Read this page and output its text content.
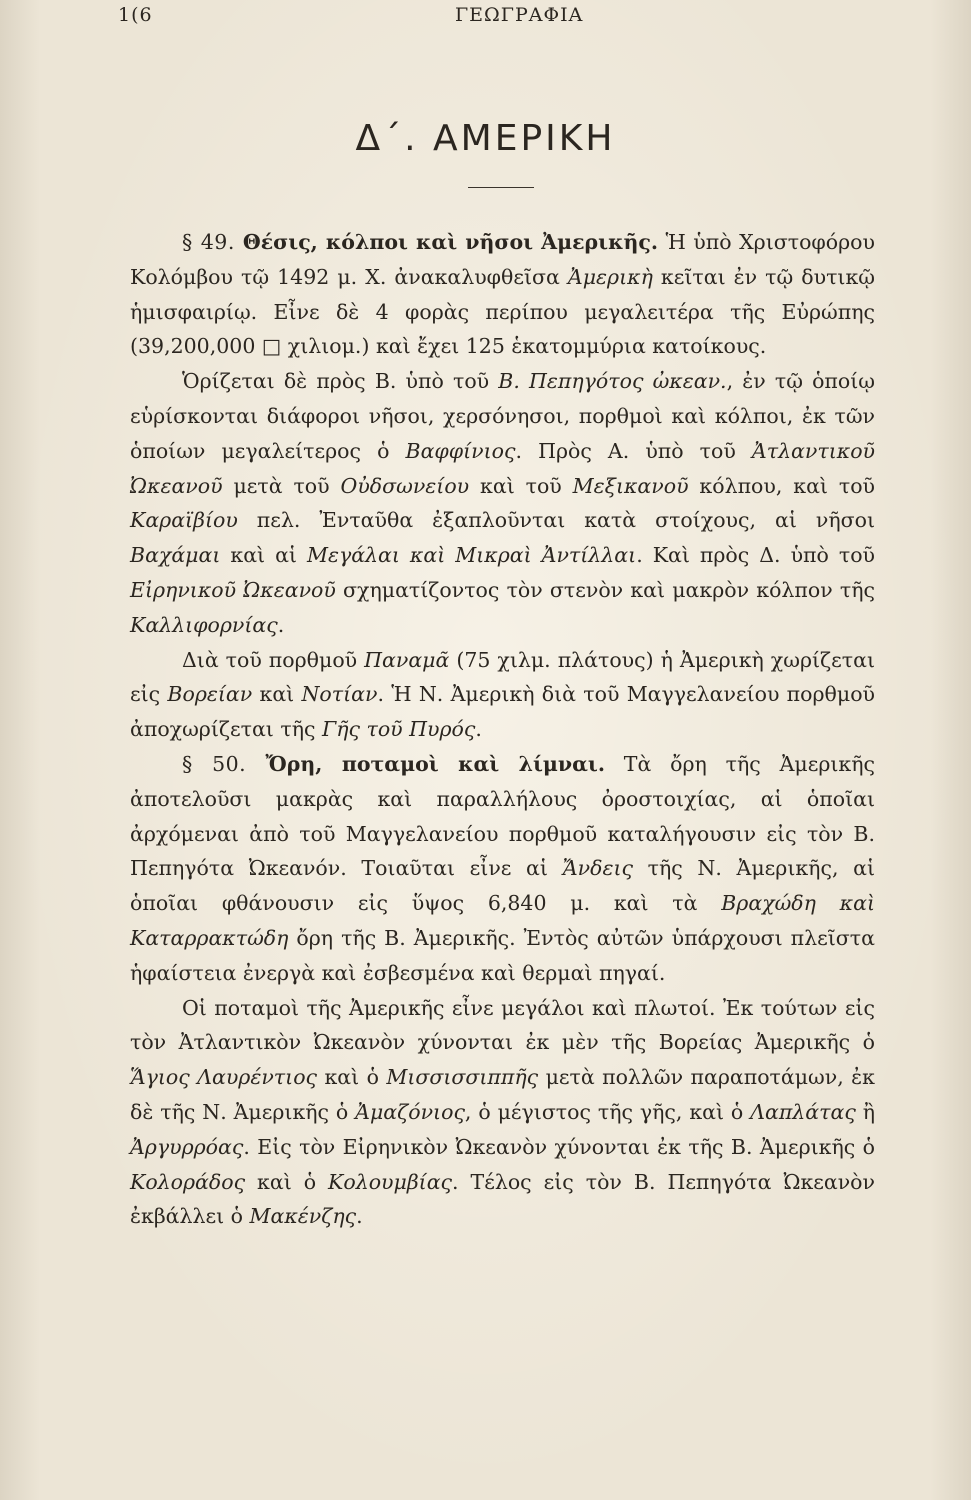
1(6	ΓΕΩΓΡΑΦΙΑ
Δ΄. ΑΜΕΡΙΚΗ

§ 49. Θέσις, κόλποι καὶ νῆσοι Ἀμερικῆς. Ἡ ὑπὸ Χριστοφόρου Κολόμβου τῷ 1492 μ. Χ. ἀνακαλυφθεῖσα Ἀμερικὴ κεῖται ἐν τῷ δυτικῷ ἡμισφαιρίῳ. Εἶνε δὲ 4 φορὰς περίπου μεγαλειτέρα τῆς Εὐρώπης (39,200,000 □ χιλιομ.) καὶ ἔχει 125 ἑκατομμύρια κατοίκους.

Ὁρίζεται δὲ πρὸς Β. ὑπὸ τοῦ Β. Πεπηγότος ὠκεαν., ἐν τῷ ὁποίῳ εὑρίσκονται διάφοροι νῆσοι, χερσόνησοι, πορθμοὶ καὶ κόλποι, ἐκ τῶν ὁποίων μεγαλείτερος ὁ Βαφφίνιος. Πρὸς Α. ὑπὸ τοῦ Ἀτλαντικοῦ Ὠκεανοῦ μετὰ τοῦ Οὐδσωνείου καὶ τοῦ Μεξικανοῦ κόλπου, καὶ τοῦ Καραϊβίου πελ. Ἐνταῦθα ἐξαπλοῦνται κατὰ στοίχους, αἱ νῆσοι Βαχάμαι καὶ αἱ Μεγάλαι καὶ Μικραὶ Ἀντίλλαι. Καὶ πρὸς Δ. ὑπὸ τοῦ Εἰρηνικοῦ Ὠκεανοῦ σχηματίζοντος τὸν στενὸν καὶ μακρὸν κόλπον τῆς Καλλιφορνίας.

Διὰ τοῦ πορθμοῦ Παναμᾶ (75 χιλμ. πλάτους) ἡ Ἀμερικὴ χωρίζεται εἰς Βορείαν καὶ Νοτίαν. Ἡ Ν. Ἀμερικὴ διὰ τοῦ Μαγγελανείου πορθμοῦ ἀποχωρίζεται τῆς Γῆς τοῦ Πυρός.

§ 50. Ὄρη, ποταμοὶ καὶ λίμναι. Τὰ ὄρη τῆς Ἀμερικῆς ἀποτελοῦσι μακρὰς καὶ παραλλήλους ὀροστοιχίας, αἱ ὁποῖαι ἀρχόμεναι ἀπὸ τοῦ Μαγγελανείου πορθμοῦ καταλήγουσιν εἰς τὸν Β. Πεπηγότα Ὠκεανόν. Τοιαῦται εἶνε αἱ Ἄνδεις τῆς Ν. Ἀμερικῆς, αἱ ὁποῖαι φθάνουσιν εἰς ὕψος 6,840 μ. καὶ τὰ Βραχώδη καὶ Καταρρακτώδη ὄρη τῆς Β. Ἀμερικῆς. Ἐντὸς αὐτῶν ὑπάρχουσι πλεῖστα ἡφαίστεια ἐνεργὰ καὶ ἐσβεσμένα καὶ θερμαὶ πηγαί.

Οἱ ποταμοὶ τῆς Ἀμερικῆς εἶνε μεγάλοι καὶ πλωτοί. Ἐκ τούτων εἰς τὸν Ἀτλαντικὸν Ὠκεανὸν χύνονται ἐκ μὲν τῆς Βορείας Ἀμερικῆς ὁ Ἅγιος Λαυρέντιος καὶ ὁ Μισσισσιππῆς μετὰ πολλῶν παραποτάμων, ἐκ δὲ τῆς Ν. Ἀμερικῆς ὁ Ἀμαζόνιος, ὁ μέγιστος τῆς γῆς, καὶ ὁ Λαπλάτας ἢ Ἀργυρρόας. Εἰς τὸν Εἰρηνικὸν Ὠκεανὸν χύνονται ἐκ τῆς Β. Ἀμερικῆς ὁ Κολοράδος καὶ ὁ Κολουμβίας. Τέλος εἰς τὸν Β. Πεπηγότα Ὠκεανὸν ἐκβάλλει ὁ Μακένζης.
